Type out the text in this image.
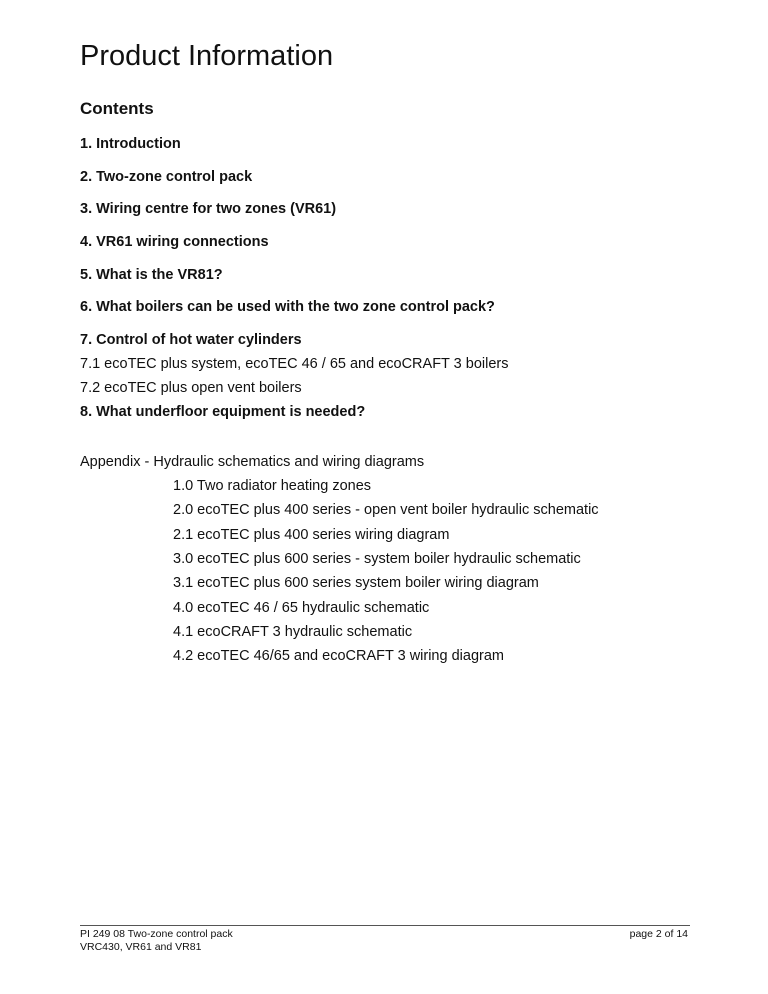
Product Information
Contents
1. Introduction
2. Two-zone control pack
3. Wiring centre for two zones (VR61)
4. VR61 wiring connections
5. What is the VR81?
6. What boilers can be used with the two zone control pack?
7. Control of hot water cylinders
7.1 ecoTEC plus system, ecoTEC 46 / 65 and ecoCRAFT 3 boilers
7.2 ecoTEC plus open vent boilers
8. What underfloor equipment is needed?
Appendix - Hydraulic schematics and wiring diagrams
1.0 Two radiator heating zones
2.0 ecoTEC plus 400 series - open vent boiler hydraulic schematic
2.1 ecoTEC plus 400 series wiring diagram
3.0 ecoTEC plus 600 series - system boiler hydraulic schematic
3.1 ecoTEC plus 600 series system boiler wiring diagram
4.0 ecoTEC 46 / 65 hydraulic schematic
4.1 ecoCRAFT 3 hydraulic schematic
4.2 ecoTEC 46/65 and ecoCRAFT 3 wiring diagram
PI 249 08 Two-zone control pack
VRC430, VR61 and VR81
page 2 of 14
